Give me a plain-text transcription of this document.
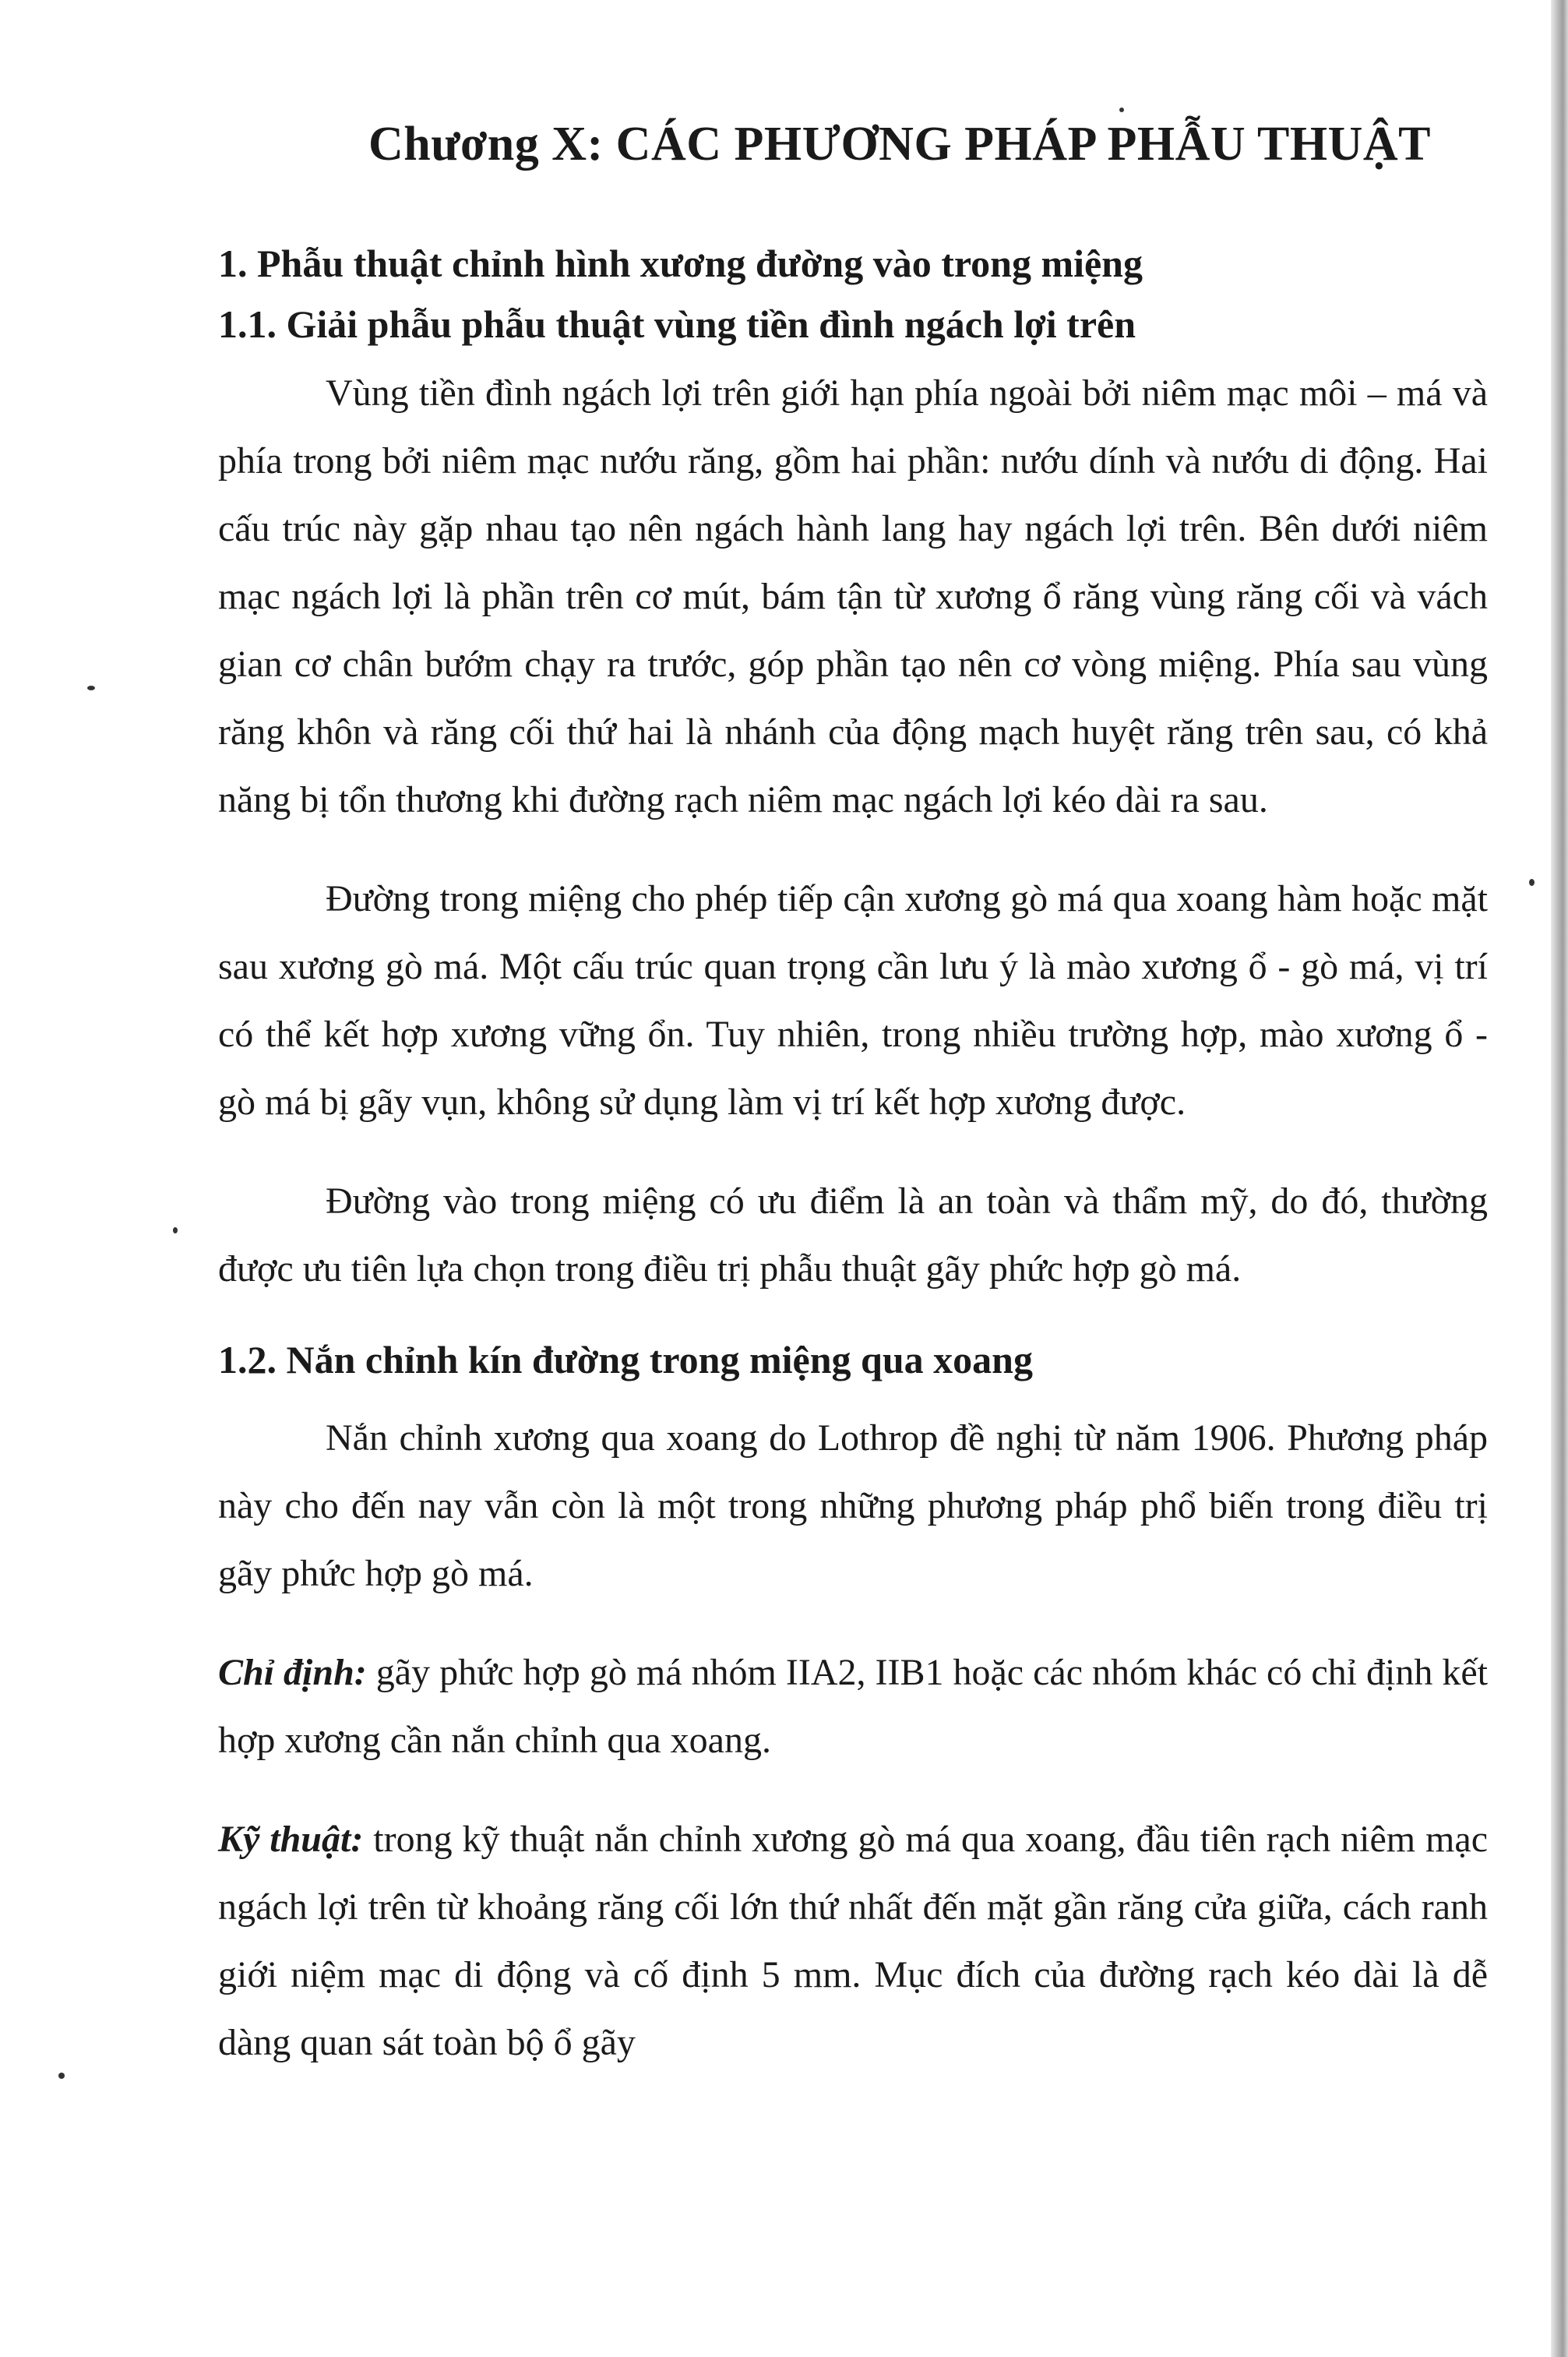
Chương X: CÁC PHƯƠNG PHÁP PHẪU THUẬT
1. Phẫu thuật chỉnh hình xương đường vào trong miệng
1.1. Giải phẫu phẫu thuật vùng tiền đình ngách lợi trên

Vùng tiền đình ngách lợi trên giới hạn phía ngoài bởi niêm mạc môi – má và phía trong bởi niêm mạc nướu răng, gồm hai phần: nướu dính và nướu di động. Hai cấu trúc này gặp nhau tạo nên ngách hành lang hay ngách lợi trên. Bên dưới niêm mạc ngách lợi là phần trên cơ mút, bám tận từ xương ổ răng vùng răng cối và vách gian cơ chân bướm chạy ra trước, góp phần tạo nên cơ vòng miệng. Phía sau vùng răng khôn và răng cối thứ hai là nhánh của động mạch huyệt răng trên sau, có khả năng bị tổn thương khi đường rạch niêm mạc ngách lợi kéo dài ra sau.

Đường trong miệng cho phép tiếp cận xương gò má qua xoang hàm hoặc mặt sau xương gò má. Một cấu trúc quan trọng cần lưu ý là mào xương ổ - gò má, vị trí có thể kết hợp xương vững ổn. Tuy nhiên, trong nhiều trường hợp, mào xương ổ - gò má bị gãy vụn, không sử dụng làm vị trí kết hợp xương được.

Đường vào trong miệng có ưu điểm là an toàn và thẩm mỹ, do đó, thường được ưu tiên lựa chọn trong điều trị phẫu thuật gãy phức hợp gò má.

1.2. Nắn chỉnh kín đường trong miệng qua xoang

Nắn chỉnh xương qua xoang do Lothrop đề nghị từ năm 1906. Phương pháp này cho đến nay vẫn còn là một trong những phương pháp phổ biến trong điều trị gãy phức hợp gò má.

Chỉ định: gãy phức hợp gò má nhóm IIA2, IIB1 hoặc các nhóm khác có chỉ định kết hợp xương cần nắn chỉnh qua xoang.

Kỹ thuật: trong kỹ thuật nắn chỉnh xương gò má qua xoang, đầu tiên rạch niêm mạc ngách lợi trên từ khoảng răng cối lớn thứ nhất đến mặt gần răng cửa giữa, cách ranh giới niệm mạc di động và cố định 5 mm. Mục đích của đường rạch kéo dài là dễ dàng quan sát toàn bộ ổ gãy
